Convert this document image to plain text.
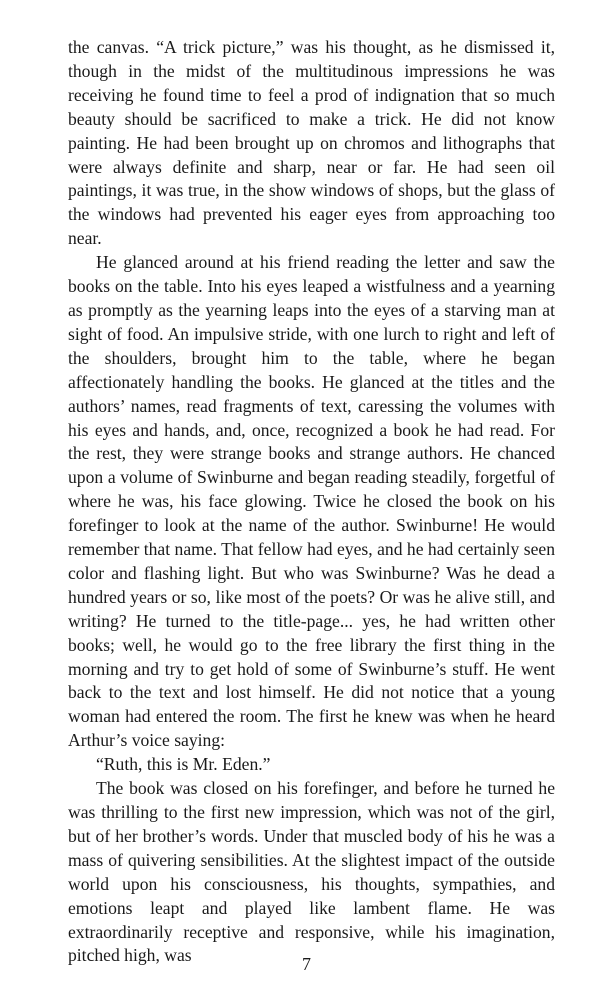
the canvas. “A trick picture,” was his thought, as he dismissed it, though in the midst of the multitudinous impressions he was receiving he found time to feel a prod of indignation that so much beauty should be sacrificed to make a trick. He did not know painting. He had been brought up on chromos and lithographs that were always definite and sharp, near or far. He had seen oil paintings, it was true, in the show windows of shops, but the glass of the windows had prevented his eager eyes from approaching too near.

He glanced around at his friend reading the letter and saw the books on the table. Into his eyes leaped a wistfulness and a yearning as promptly as the yearning leaps into the eyes of a starving man at sight of food. An impulsive stride, with one lurch to right and left of the shoulders, brought him to the table, where he began affectionately handling the books. He glanced at the titles and the authors’ names, read fragments of text, caressing the volumes with his eyes and hands, and, once, recognized a book he had read. For the rest, they were strange books and strange authors. He chanced upon a volume of Swinburne and began reading steadily, forgetful of where he was, his face glowing. Twice he closed the book on his forefinger to look at the name of the author. Swinburne! He would remember that name. That fellow had eyes, and he had certainly seen color and flashing light. But who was Swinburne? Was he dead a hundred years or so, like most of the poets? Or was he alive still, and writing? He turned to the title-page... yes, he had written other books; well, he would go to the free library the first thing in the morning and try to get hold of some of Swinburne’s stuff. He went back to the text and lost himself. He did not notice that a young woman had entered the room. The first he knew was when he heard Arthur’s voice saying:

“Ruth, this is Mr. Eden.”

The book was closed on his forefinger, and before he turned he was thrilling to the first new impression, which was not of the girl, but of her brother’s words. Under that muscled body of his he was a mass of quivering sensibilities. At the slightest impact of the outside world upon his consciousness, his thoughts, sympathies, and emotions leapt and played like lambent flame. He was extraordinarily receptive and responsive, while his imagination, pitched high, was	7
